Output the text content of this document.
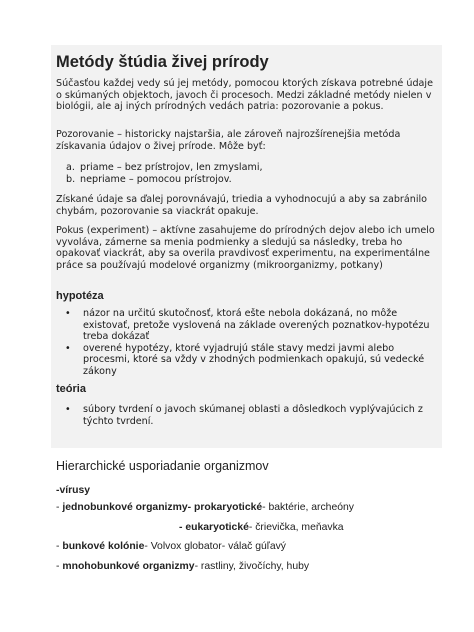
Metódy štúdia živej prírody

Súčasťou každej vedy sú jej metódy, pomocou ktorých získava potrebné údaje o skúmaných objektoch, javoch či procesoch. Medzi základné metódy nielen v biológii, ale aj iných prírodných vedách patria: pozorovanie a pokus.

Pozorovanie – historicky najstaršia, ale zároveň najrozšírenejšia metóda získavania údajov o živej prírode. Môže byť:

a. priame – bez prístrojov, len zmyslami,
b. nepriame – pomocou prístrojov.

Získané údaje sa ďalej porovnávajú, triedia a vyhodnocujú a aby sa zabránilo chybám, pozorovanie sa viackrát opakuje.

Pokus (experiment) – aktívne zasahujeme do prírodných dejov alebo ich umelo vyvoláva, zámerne sa menia podmienky a sledujú sa následky, treba ho opakovať viackrát, aby sa overila pravdivosť experimentu, na experimentálne práce sa používajú modelové organizmy (mikroorganizmy, potkany)

hypotéza
•	názor na určitú skutočnosť, ktorá ešte nebola dokázaná, no môže existovať, pretože vyslovená na základe overených poznatkov-hypotézu treba dokázať
•	overené hypotézy, ktoré vyjadrujú stále stavy medzi javmi alebo procesmi, ktoré sa vždy v zhodných podmienkach opakujú, sú vedecké zákony
teória
•	súbory tvrdení o javoch skúmanej oblasti a dôsledkoch vyplývajúcich z týchto tvrdení.
Hierarchické usporiadanie organizmov
-vírusy
- jednobunkové organizmy- prokaryotické- baktérie, archeóny
- eukaryotické- črievička, meňavka
- bunkové kolónie- Volvox globator- válač gúľavý
- mnohobunkové organizmy- rastliny, živočíchy, huby
